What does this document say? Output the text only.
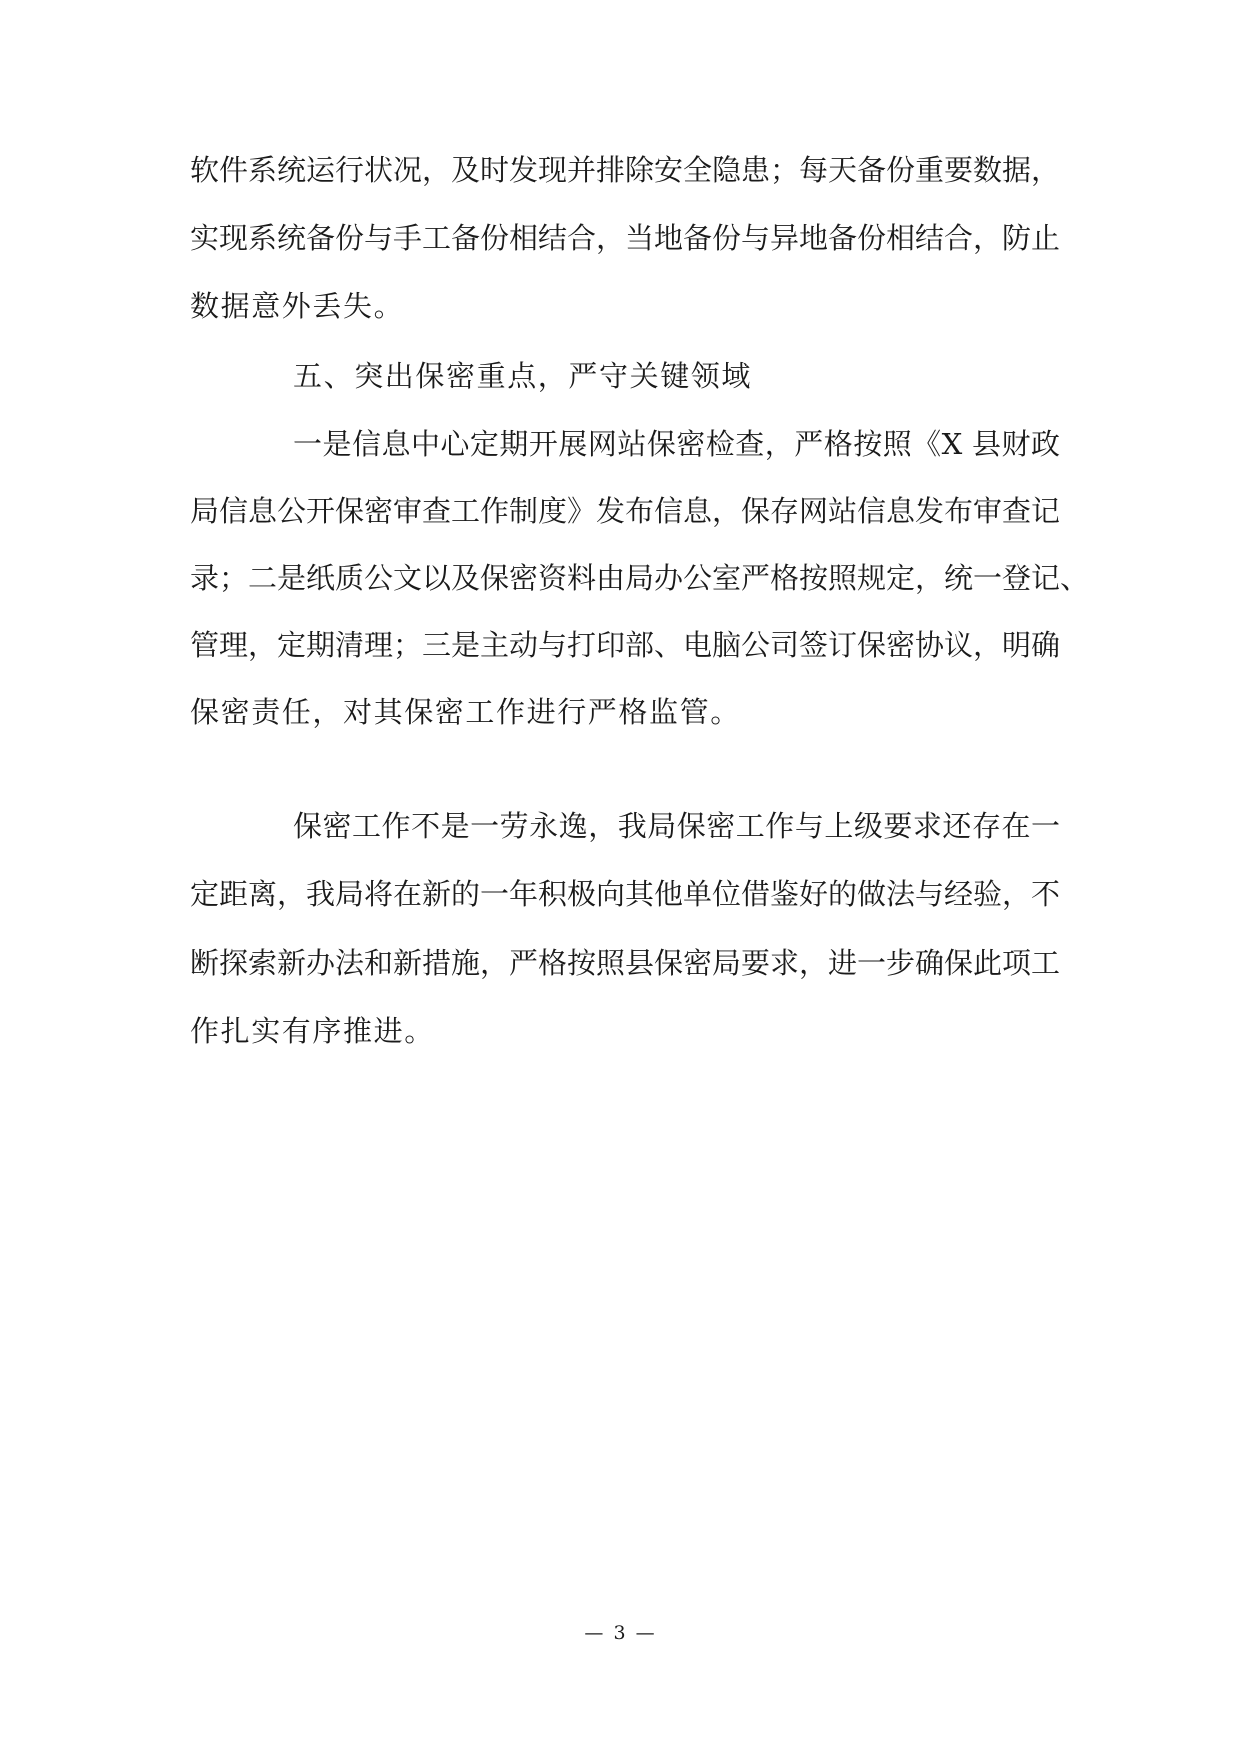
软件系统运行状况，及时发现并排除安全隐患；每天备份重要数据，
实现系统备份与手工备份相结合，当地备份与异地备份相结合，防止
数据意外丢失。
五、突出保密重点，严守关键领域
一是信息中心定期开展网站保密检查，严格按照《X 县财政
局信息公开保密审查工作制度》发布信息，保存网站信息发布审查记
录；二是纸质公文以及保密资料由局办公室严格按照规定，统一登记、
管理，定期清理；三是主动与打印部、电脑公司签订保密协议，明确
保密责任，对其保密工作进行严格监管。
保密工作不是一劳永逸，我局保密工作与上级要求还存在一
定距离，我局将在新的一年积极向其他单位借鉴好的做法与经验，不
断探索新办法和新措施，严格按照县保密局要求，进一步确保此项工
作扎实有序推进。
— 3 —
